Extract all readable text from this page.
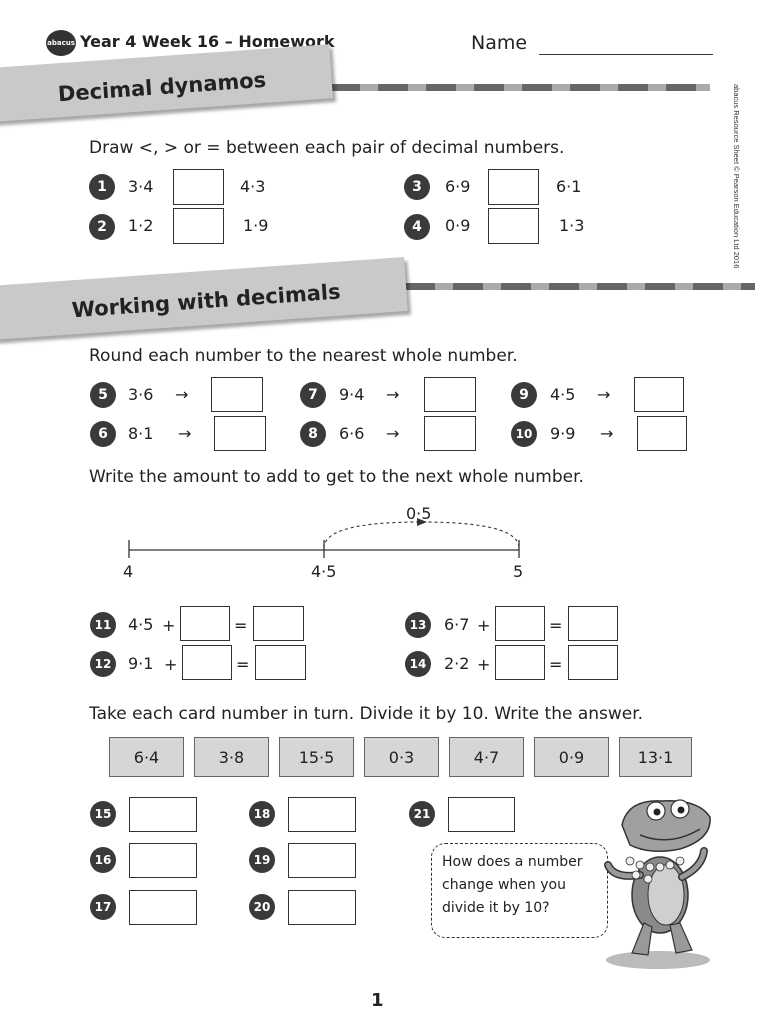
abacus Year 4 Week 16 – Homework	Name
abacus Resource Sheet © Pearson Education Ltd 2016
Decimal dynamos
Draw <, > or = between each pair of decimal numbers.
1	3·4	4·3
2	1·2	1·9
3	6·9	6·1
4	0·9	1·3
Working with decimals
Round each number to the nearest whole number.
5	3·6 →
6	8·1 →
7	9·4 →
8	6·6 →
9	4·5 →
10 9·9 →
Write the amount to add to get to the next whole number.
0·5
4	4·5	5
11 4·5 +	=
12 9·1 +	=
13 6·7 +	=
14 2·2 +	=
Take each card number in turn. Divide it by 10. Write the answer.
6·4	3·8	15·5	0·3	4·7	0·9	13·1
15
16
17
18
19
20
21
How does a number
change when you
divide it by 10?
1
